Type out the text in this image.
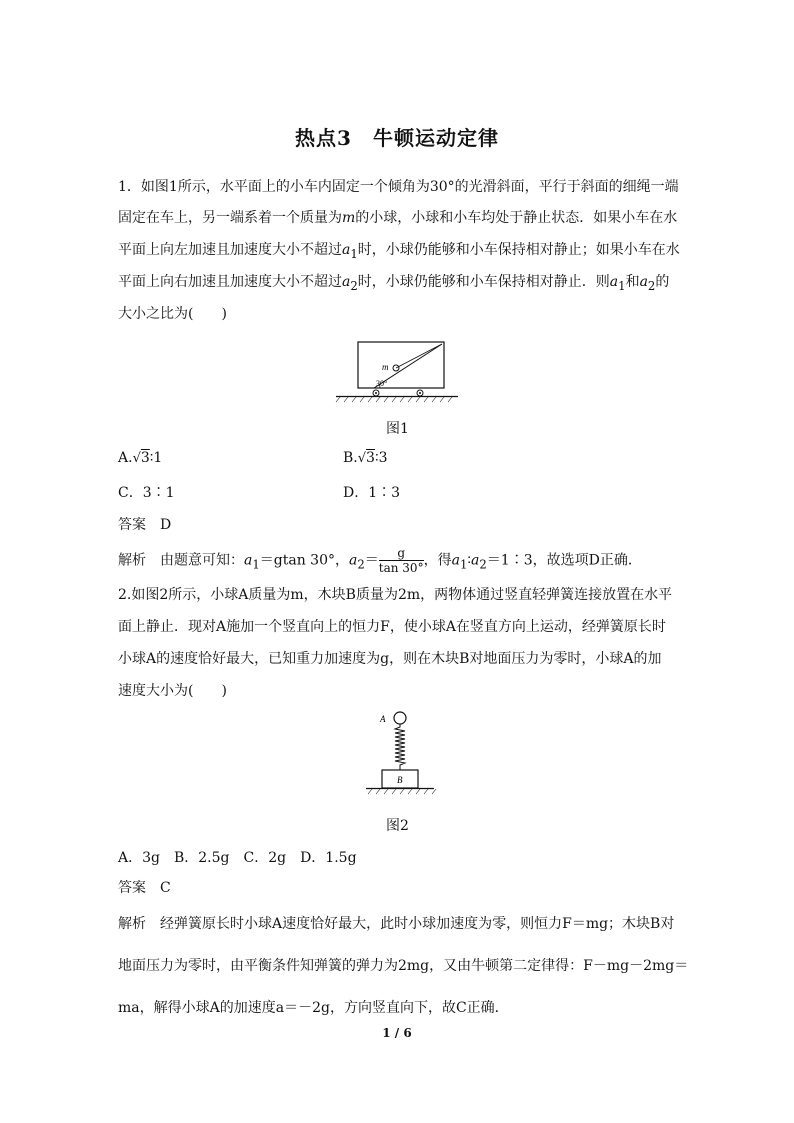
热点3　牛顿运动定律
1．如图1所示，水平面上的小车内固定一个倾角为30°的光滑斜面，平行于斜面的细绳一端
固定在车上，另一端系着一个质量为m的小球，小球和小车均处于静止状态．如果小车在水
平面上向左加速且加速度大小不超过$a_1$时，小球仍能够和小车保持相对静止；如果小车在水
平面上向右加速且加速度大小不超过$a_2$时，小球仍能够和小车保持相对静止．则$a_1$和$a_2$的
大小之比为(　　)
m
30°
图1
A.√3∶1	B.√3∶3
C．3∶1	D．1∶3
答案　D
解析　由题意可知：$a_1=gtan$ 30°，$a_2= \frac{g}{\tan 30^\circ}$ ，得$a_1∶a_2=1∶3$，故选项D正确．
2.如图2所示，小球A质量为m，木块B质量为2m，两物体通过竖直轻弹簧连接放置在水平
面上静止．现对A施加一个竖直向上的恒力F，使小球A在竖直方向上运动，经弹簧原长时
小球A的速度恰好最大，已知重力加速度为g，则在木块B对地面压力为零时，小球A的加
速度大小为(　　)
A
B
图2
A．3g　B．2.5g　C．2g　D．1.5g
答案　C
解析　经弹簧原长时小球A速度恰好最大，此时小球加速度为零，则恒力F＝mg；木块B对
地面压力为零时，由平衡条件知弹簧的弹力为2mg，又由牛顿第二定律得：F－mg－2mg＝
ma，解得小球A的加速度a＝－2g，方向竖直向下，故C正确．
1 / 6
